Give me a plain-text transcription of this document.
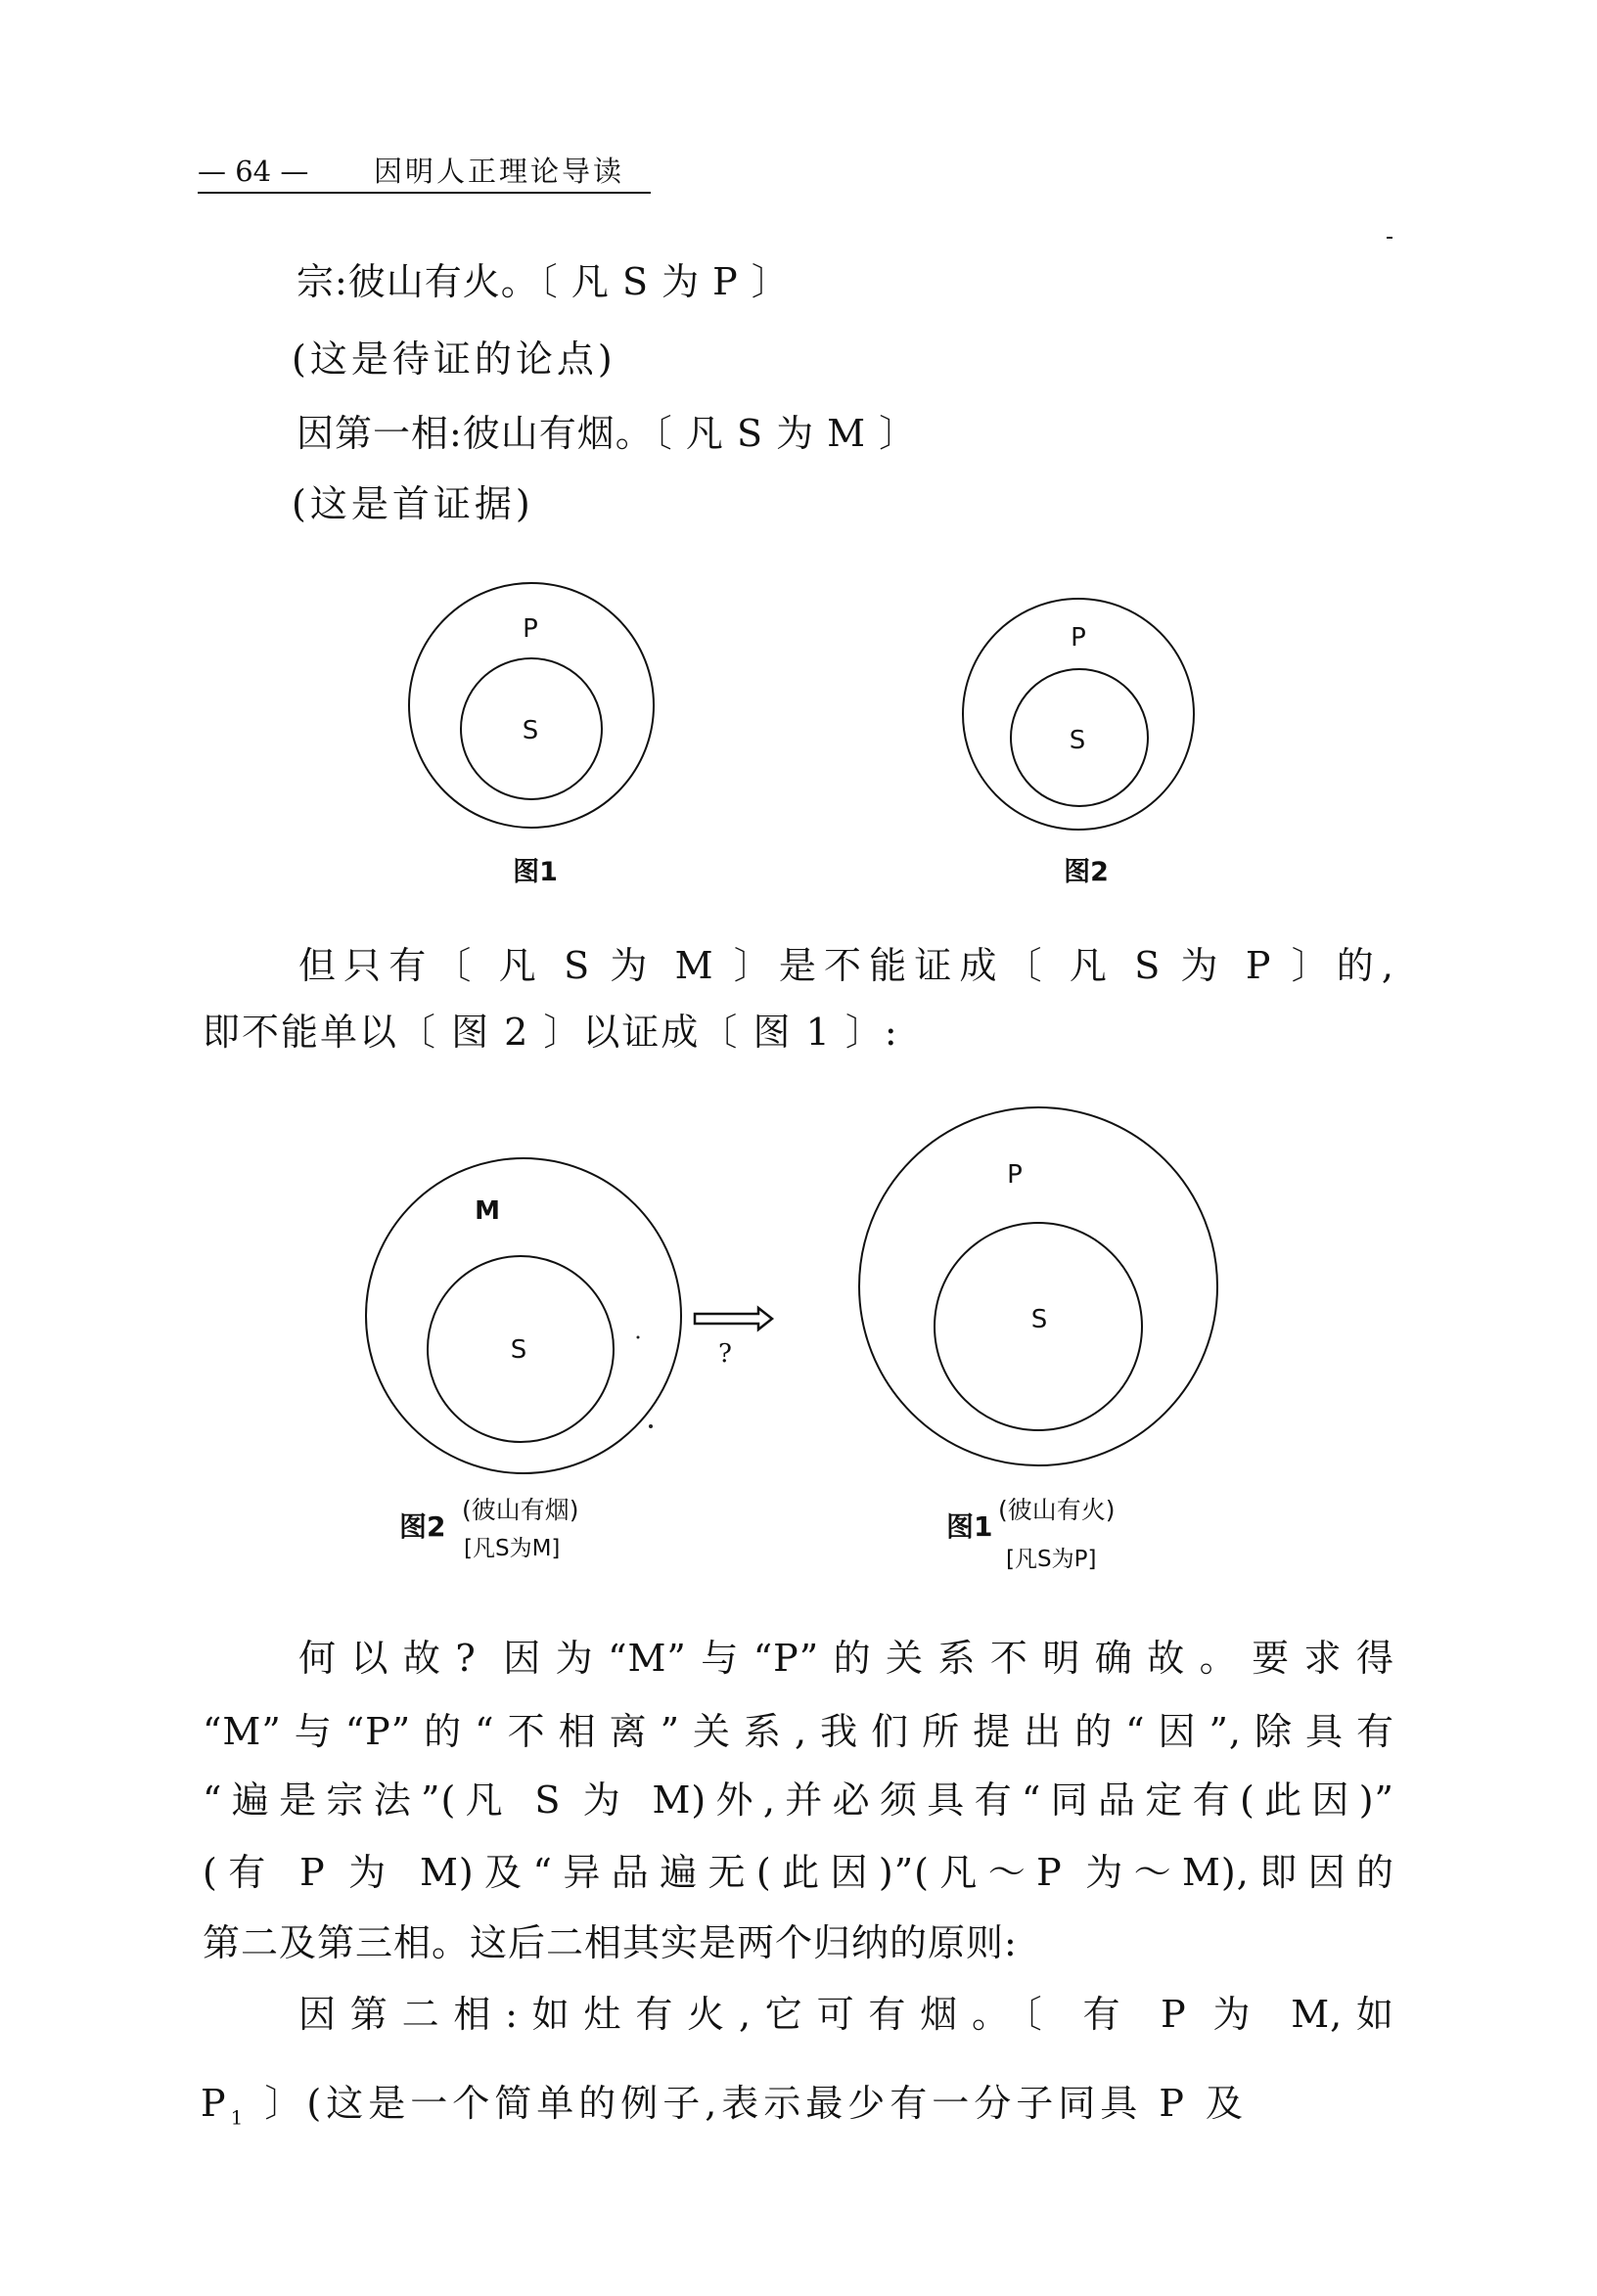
— 64 — 因明人正理论导读
宗:彼山有火。〔 凡 S 为 P 〕
(这是待证的论点)
因第一相:彼山有烟。〔 凡 S 为 M 〕
(这是首证据)
P
S
图1
P
S
图2
但只有〔 凡 S 为 M 〕是不能证成〔 凡 S 为 P 〕的,
即不能单以〔 图 2 〕以证成〔 图 1 〕:
M
S
图2
(彼山有烟)
[凡S为M]
?
P
S
图1
(彼山有火)
[凡S为P]
何以故? 因为“M”与“P”的关系不明确故。要求得
“M”与“P”的“不相离”关系,我们所提出的“因”,除具有
“遍是宗法”(凡 S 为 M)外,并必须具有“同品定有(此因)”
(有 P 为 M)及“异品遍无(此因)”(凡～P 为～M),即因的
第二及第三相。这后二相其实是两个归纳的原则:
因第二相:如灶有火,它可有烟。〔 有 P 为 M,如
$P_1$ 〕(这是一个简单的例子,表示最少有一分子同具 P 及
